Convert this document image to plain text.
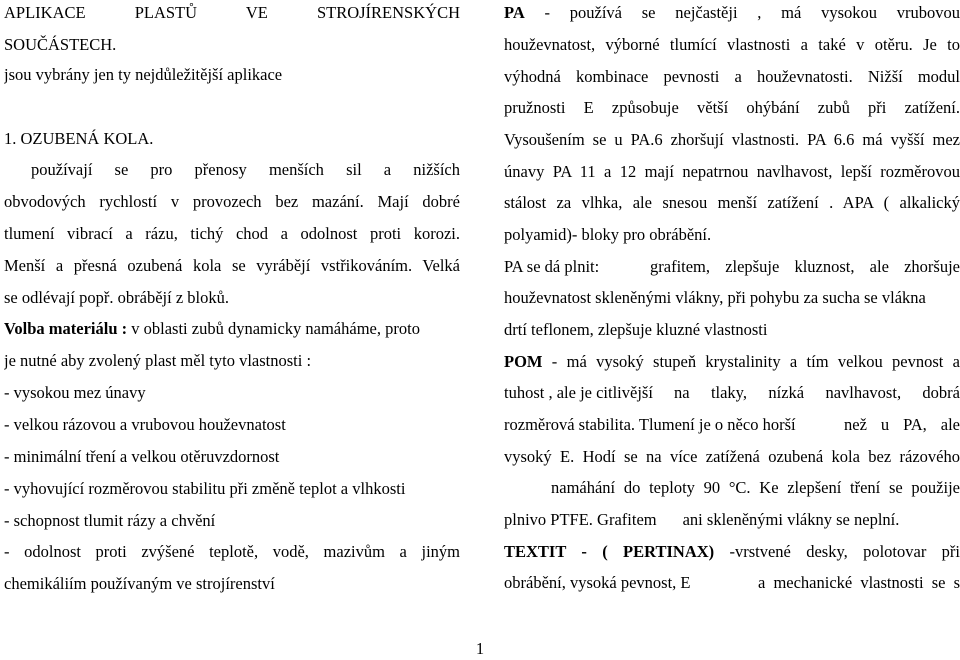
APLIKACE PLASTŮ VE STROJÍRENSKÝCH
SOUČÁSTECH.
jsou vybrány jen ty nejdůležitější aplikace
1. OZUBENÁ KOLA.
používají se pro přenosy menších sil a nižších
obvodových rychlostí v provozech bez mazání. Mají dobré
tlumení vibrací a rázu, tichý chod a odolnost proti korozi.
Menší a přesná ozubená kola se vyrábějí vstřikováním. Velká
se odlévají popř. obrábějí z bloků.
Volba materiálu : v oblasti zubů dynamicky namáháme, proto
je nutné aby zvolený plast měl tyto vlastnosti :
- vysokou mez únavy
- velkou rázovou a vrubovou houževnatost
- minimální tření a velkou otěruvzdornost
- vyhovující rozměrovou stabilitu při změně teplot a vlhkosti
- schopnost tlumit rázy a chvění
- odolnost proti zvýšené teplotě, vodě, mazivům a jiným
chemikáliím používaným ve strojírenství
PA - používá se nejčastěji , má vysokou vrubovou
houževnatost, výborné tlumící vlastnosti a také v otěru. Je to
výhodná kombinace pevnosti a houževnatosti. Nižší modul
pružnosti E způsobuje větší ohýbání zubů při zatížení.
Vysoušením se u PA.6 zhoršují vlastnosti. PA 6.6 má vyšší mez
únavy PA 11 a 12 mají nepatrnou navlhavost, lepší rozměrovou
stálost za vlhka, ale snesou menší zatížení . APA ( alkalický
polyamid)- bloky pro obrábění.
PA se dá plnit:	grafitem, zlepšuje kluznost, ale zhoršuje
houževnatost skleněnými vlákny, při pohybu za sucha se vlákna
drtí teflonem, zlepšuje kluzné vlastnosti
POM - má vysoký stupeň krystalinity a tím velkou pevnost a
tuhost , ale je citlivější na tlaky, nízká navlhavost, dobrá
rozměrová stabilita. Tlumení je o něco horší	než u PA, ale
vysoký E. Hodí se na více zatížená ozubená kola bez rázového
namáhání do teploty 90 °C. Ke zlepšení tření se použije
plnivo PTFE. Grafitem ani skleněnými vlákny se neplní.
TEXTIT - ( PERTINAX) -vrstvené desky, polotovar při
obrábění, vysoká pevnost, E	a mechanické vlastnosti se s
1
